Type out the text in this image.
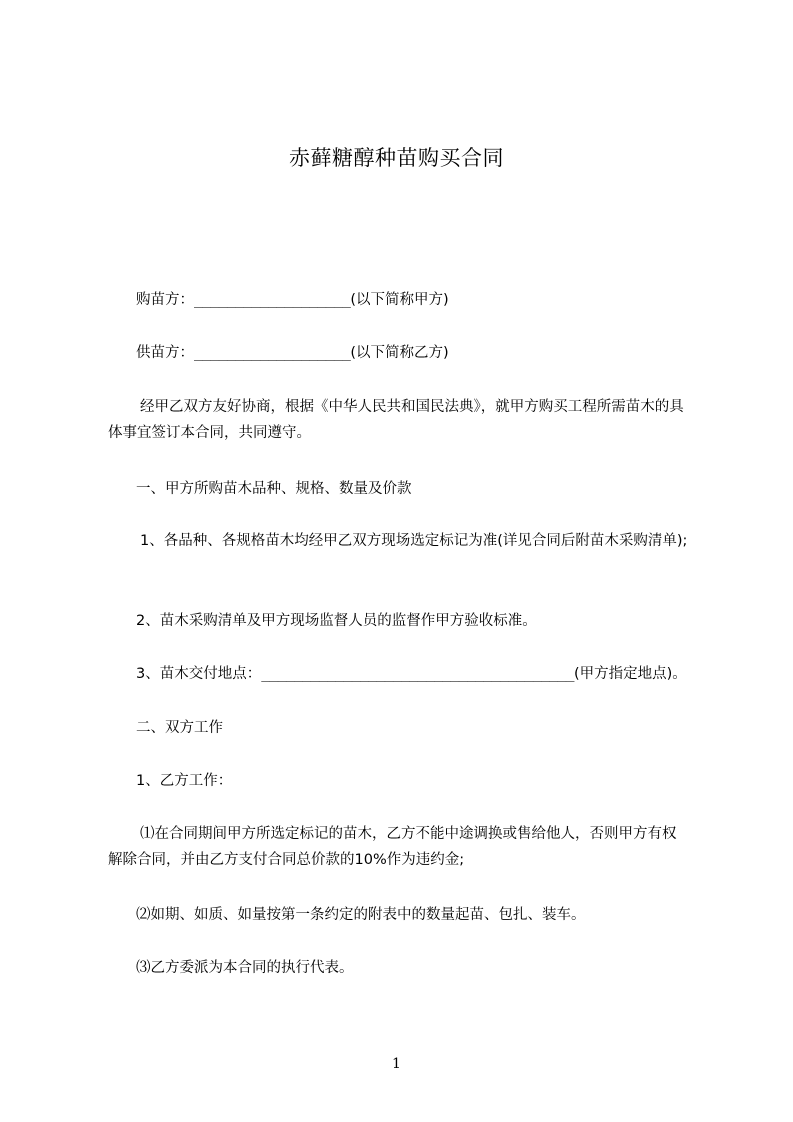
赤藓糖醇种苗购买合同
购苗方：___________________(以下简称甲方)
供苗方：___________________(以下简称乙方)
经甲乙双方友好协商，根据《中华人民共和国民法典》，就甲方购买工程所需苗木的具体事宜签订本合同，共同遵守。
一、甲方所购苗木品种、规格、数量及价款
1、各品种、各规格苗木均经甲乙双方现场选定标记为准(详见合同后附苗木采购清单);
2、苗木采购清单及甲方现场监督人员的监督作甲方验收标准。
3、苗木交付地点：______________________________________(甲方指定地点)。
二、双方工作
1、乙方工作：
⑴在合同期间甲方所选定标记的苗木，乙方不能中途调换或售给他人，否则甲方有权解除合同，并由乙方支付合同总价款的10%作为违约金;
⑵如期、如质、如量按第一条约定的附表中的数量起苗、包扎、装车。
⑶乙方委派为本合同的执行代表。
1
